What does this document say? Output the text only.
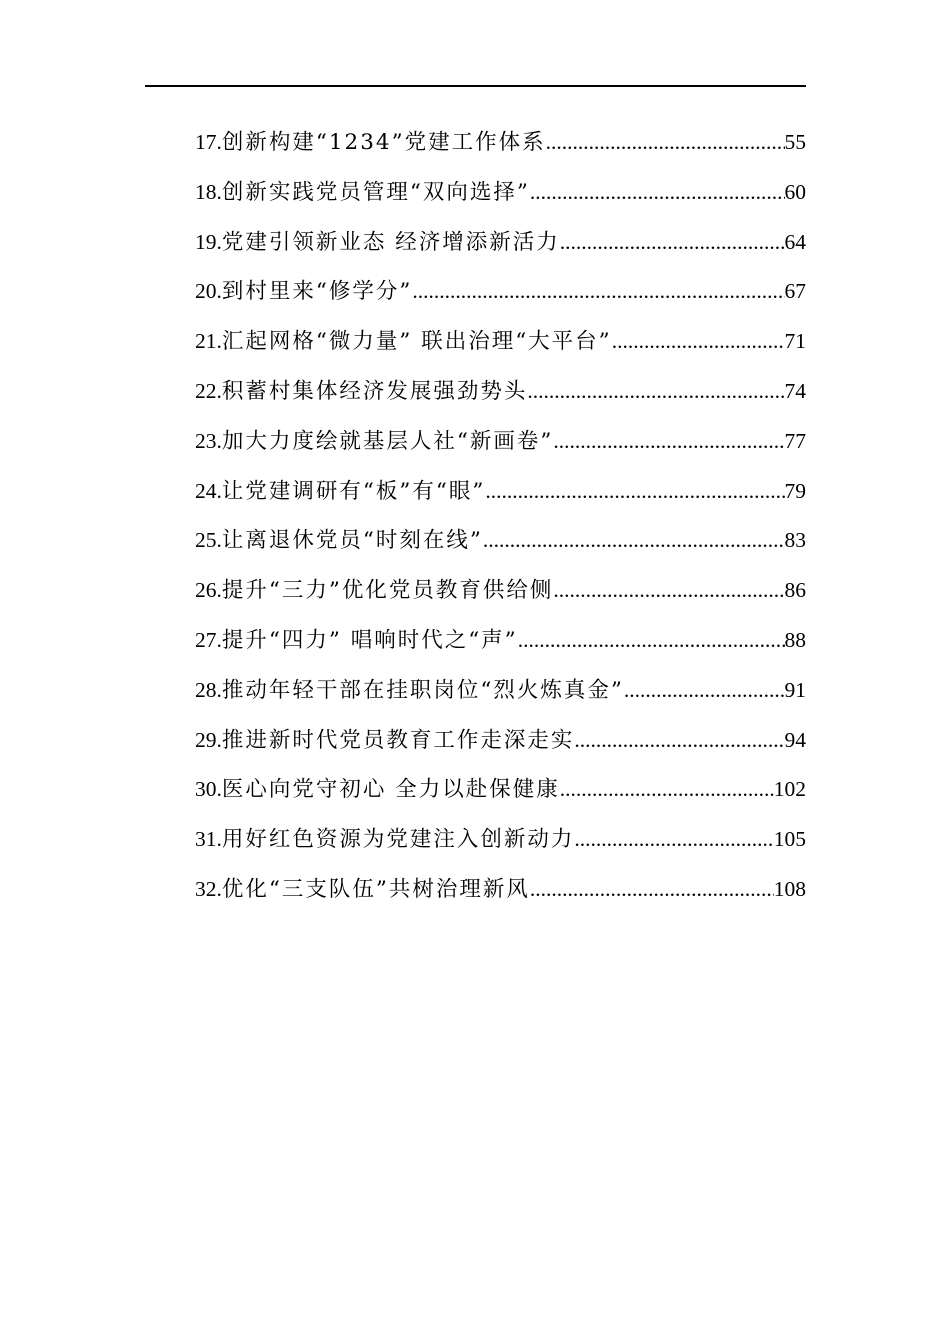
17. 创新构建“1234”党建工作体系 .....	55
18. 创新实践党员管理“双向选择” .....	60
19. 党建引领新业态 经济增添新活力 .....	64
20. 到村里来“修学分” .....	67
21. 汇起网格“微力量” 联出治理“大平台” .....	71
22. 积蓄村集体经济发展强劲势头 .....	74
23. 加大力度绘就基层人社“新画卷” .....	77
24. 让党建调研有“板”有“眼” .....	79
25. 让离退休党员“时刻在线” .....	83
26. 提升“三力”优化党员教育供给侧 .....	86
27. 提升“四力” 唱响时代之“声” .....	88
28. 推动年轻干部在挂职岗位“烈火炼真金” .....	91
29. 推进新时代党员教育工作走深走实 .....	94
30. 医心向党守初心 全力以赴保健康 .....	102
31. 用好红色资源为党建注入创新动力 .....	105
32. 优化“三支队伍”共树治理新风 .....	108
